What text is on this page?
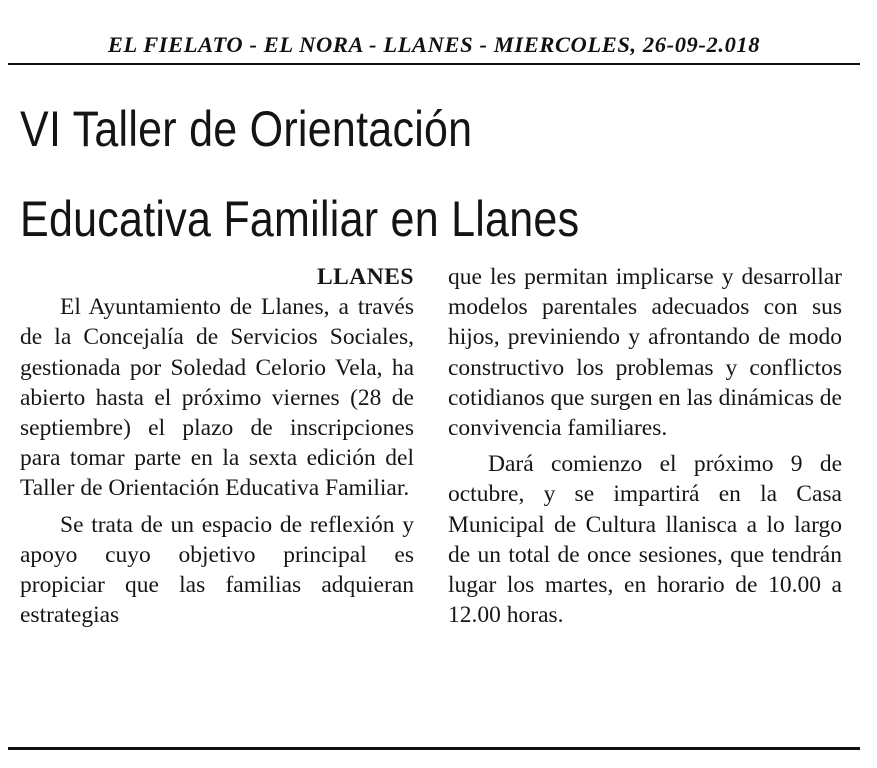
EL FIELATO - EL NORA - LLANES - MIERCOLES, 26-09-2.018
VI Taller de Orientación
Educativa Familiar en Llanes
LLANES

El Ayuntamiento de Llanes, a través de la Concejalía de Servicios Sociales, gestionada por Soledad Celorio Vela, ha abierto hasta el próximo viernes (28 de septiembre) el plazo de inscripciones para tomar parte en la sexta edición del Taller de Orientación Educativa Familiar.

Se trata de un espacio de reflexión y apoyo cuyo objetivo principal es propiciar que las familias adquieran estrategias

que les permitan implicarse y desarrollar modelos parentales adecuados con sus hijos, previniendo y afrontando de modo constructivo los problemas y conflictos cotidianos que surgen en las dinámicas de convivencia familiares.

Dará comienzo el próximo 9 de octubre, y se impartirá en la Casa Municipal de Cultura llanisca a lo largo de un total de once sesiones, que tendrán lugar los martes, en horario de 10.00 a 12.00 horas.
